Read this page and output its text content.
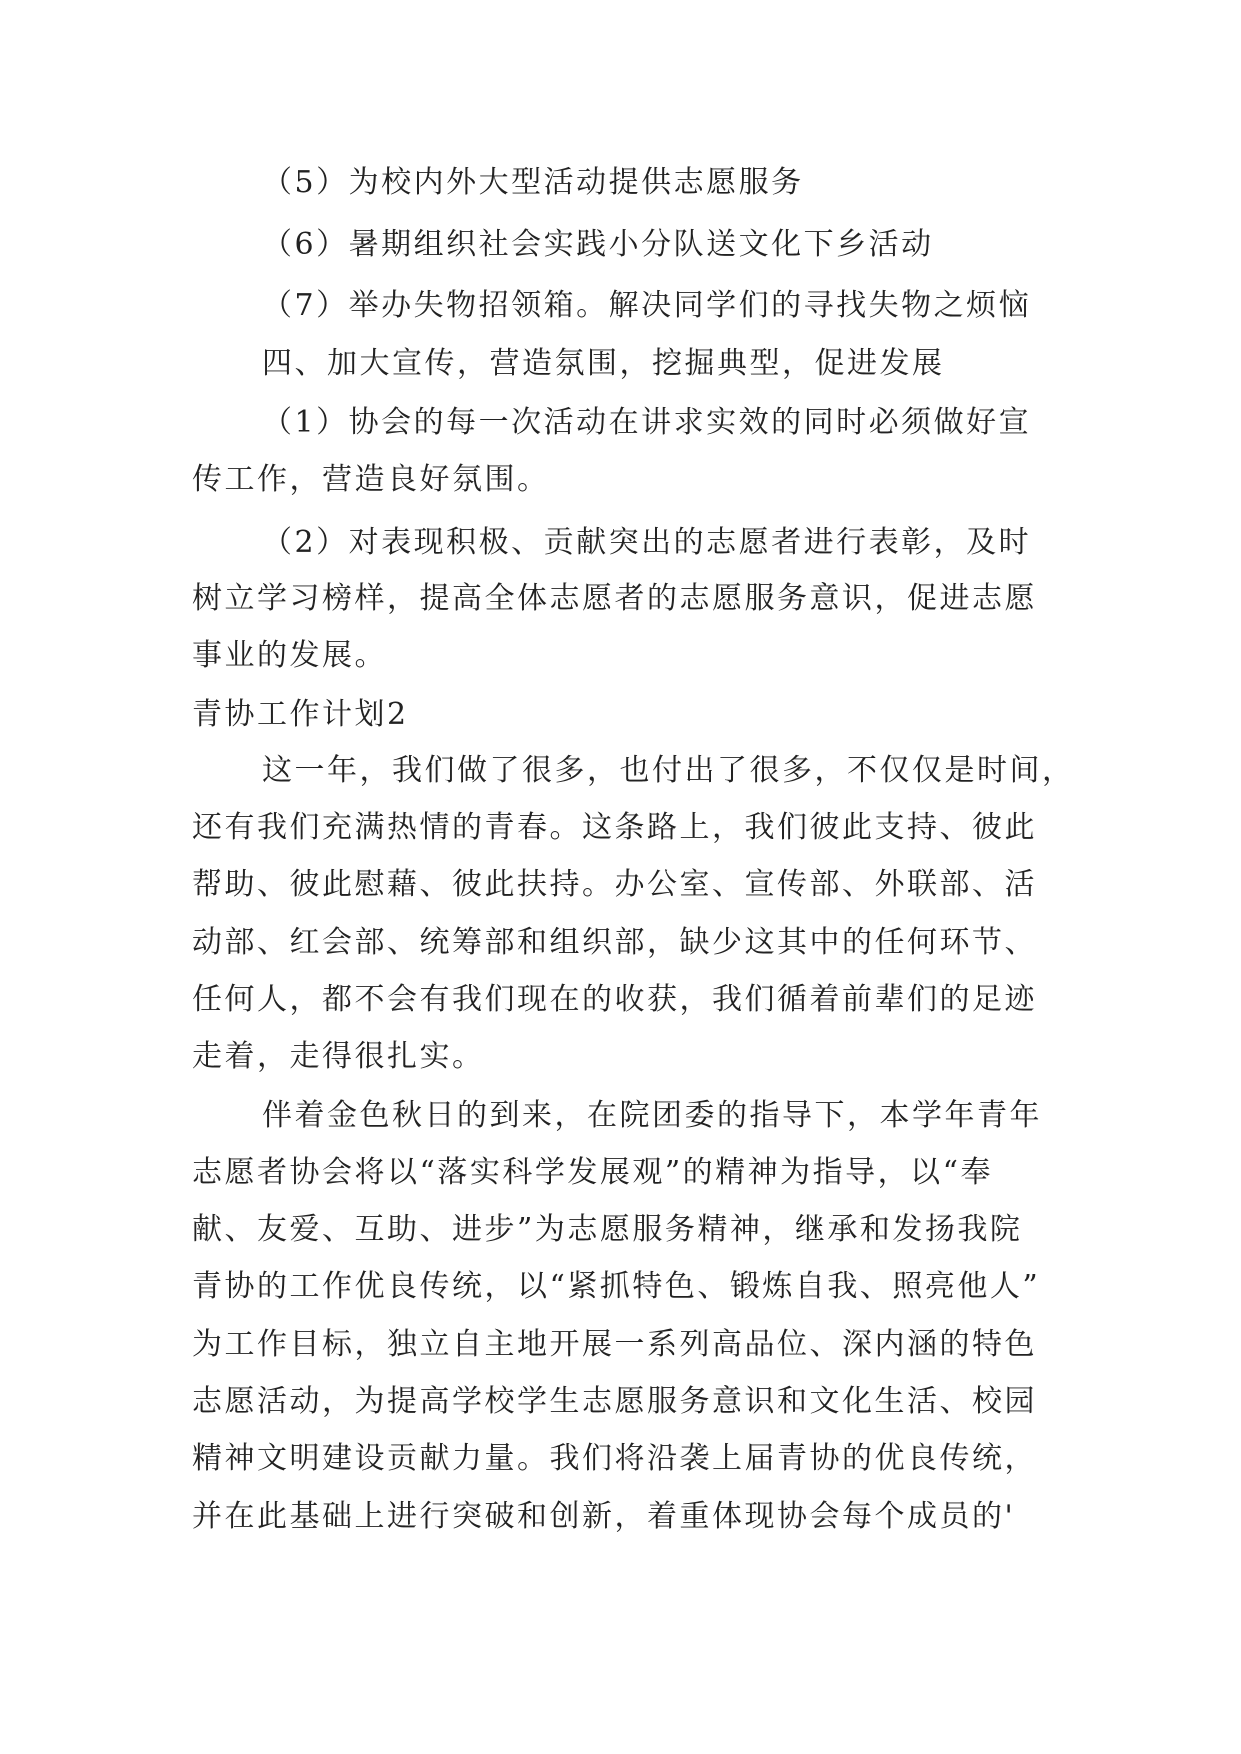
（5）为校内外大型活动提供志愿服务
（6）暑期组织社会实践小分队送文化下乡活动
（7）举办失物招领箱。解决同学们的寻找失物之烦恼
四、加大宣传，营造氛围，挖掘典型，促进发展
（1）协会的每一次活动在讲求实效的同时必须做好宣
传工作，营造良好氛围。
（2）对表现积极、贡献突出的志愿者进行表彰，及时
树立学习榜样，提高全体志愿者的志愿服务意识，促进志愿
事业的发展。
青协工作计划2
这一年，我们做了很多，也付出了很多，不仅仅是时间，
还有我们充满热情的青春。这条路上，我们彼此支持、彼此
帮助、彼此慰藉、彼此扶持。办公室、宣传部、外联部、活
动部、红会部、统筹部和组织部，缺少这其中的任何环节、
任何人，都不会有我们现在的收获，我们循着前辈们的足迹
走着，走得很扎实。
伴着金色秋日的到来，在院团委的指导下，本学年青年
志愿者协会将以“落实科学发展观”的精神为指导，以“奉
献、友爱、互助、进步”为志愿服务精神，继承和发扬我院
青协的工作优良传统，以“紧抓特色、锻炼自我、照亮他人”
为工作目标，独立自主地开展一系列高品位、深内涵的特色
志愿活动，为提高学校学生志愿服务意识和文化生活、校园
精神文明建设贡献力量。我们将沿袭上届青协的优良传统，
并在此基础上进行突破和创新，着重体现协会每个成员的'
